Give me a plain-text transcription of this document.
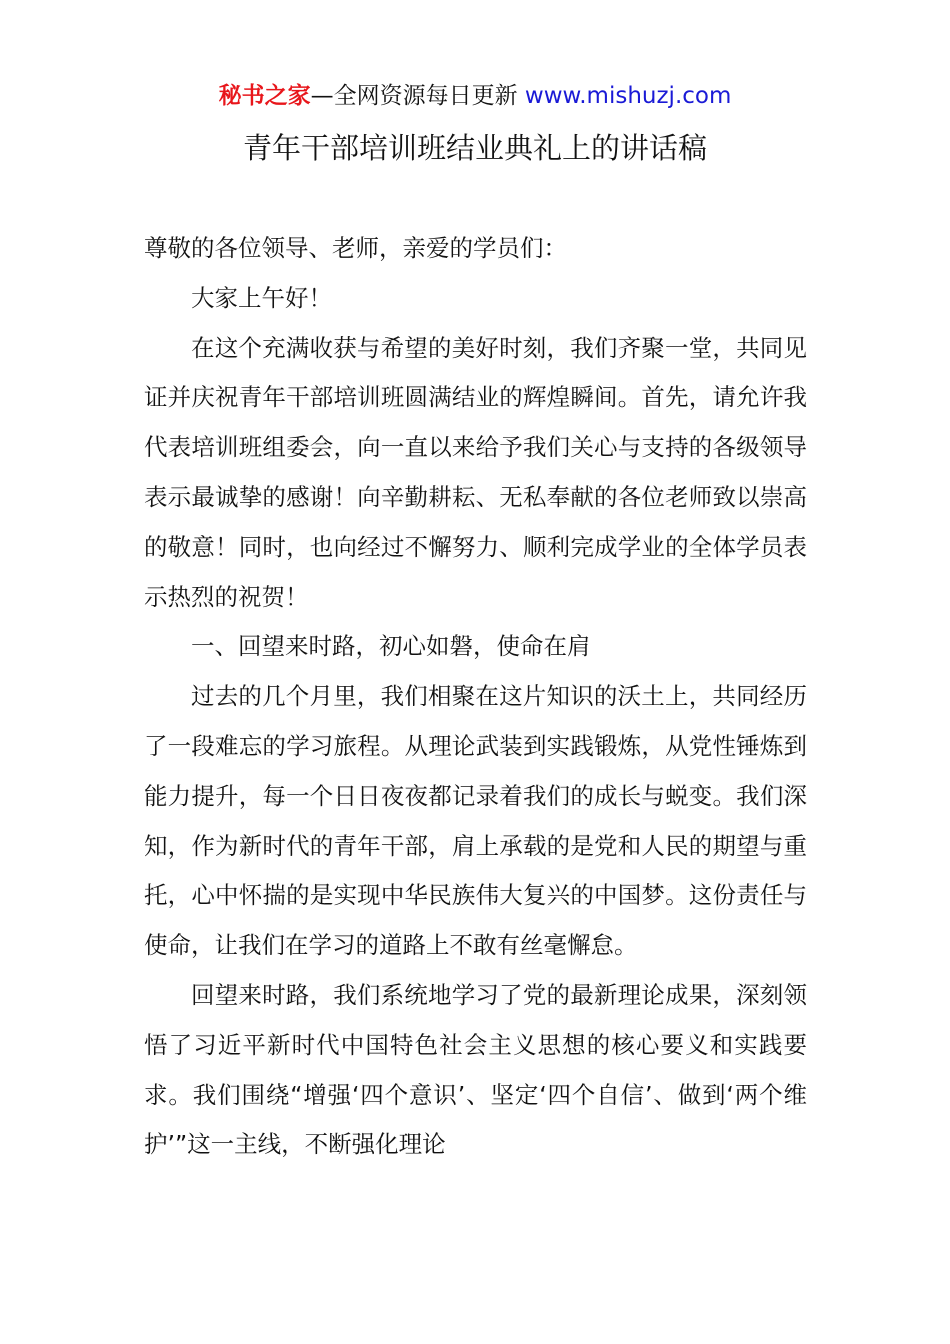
秘书之家—全网资源每日更新 www.mishuzj.com
青年干部培训班结业典礼上的讲话稿

尊敬的各位领导、老师，亲爱的学员们：

大家上午好！

在这个充满收获与希望的美好时刻，我们齐聚一堂，共同见证并庆祝青年干部培训班圆满结业的辉煌瞬间。首先，请允许我代表培训班组委会，向一直以来给予我们关心与支持的各级领导表示最诚挚的感谢！向辛勤耕耘、无私奉献的各位老师致以崇高的敬意！同时，也向经过不懈努力、顺利完成学业的全体学员表示热烈的祝贺！

一、回望来时路，初心如磐，使命在肩

过去的几个月里，我们相聚在这片知识的沃土上，共同经历了一段难忘的学习旅程。从理论武装到实践锻炼，从党性锤炼到能力提升，每一个日日夜夜都记录着我们的成长与蜕变。我们深知，作为新时代的青年干部，肩上承载的是党和人民的期望与重托，心中怀揣的是实现中华民族伟大复兴的中国梦。这份责任与使命，让我们在学习的道路上不敢有丝毫懈怠。

回望来时路，我们系统地学习了党的最新理论成果，深刻领悟了习近平新时代中国特色社会主义思想的核心要义和实践要求。我们围绕“增强‘四个意识’、坚定‘四个自信’、做到‘两个维护’”这一主线，不断强化理论
